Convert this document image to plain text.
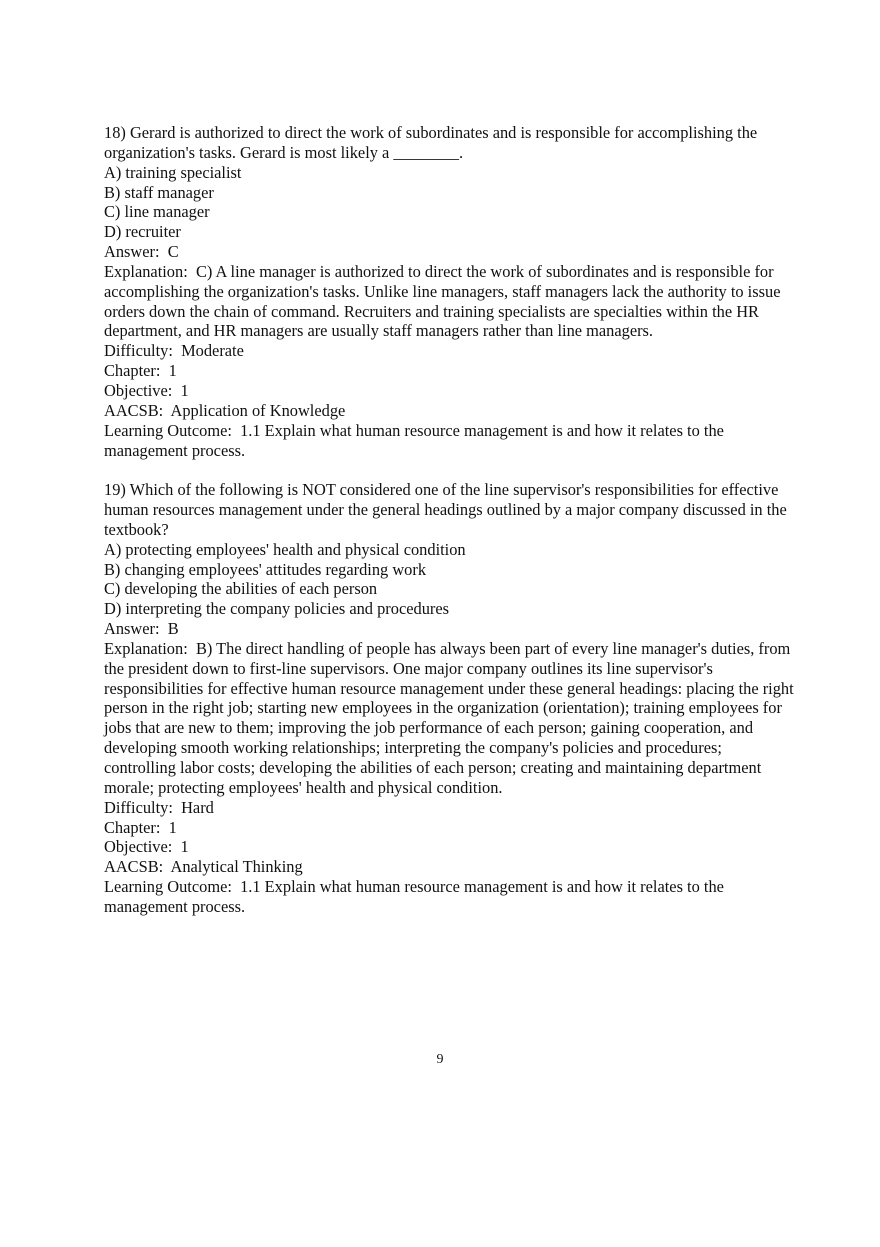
18) Gerard is authorized to direct the work of subordinates and is responsible for accomplishing the organization's tasks. Gerard is most likely a ________.
A) training specialist
B) staff manager
C) line manager
D) recruiter
Answer:  C
Explanation:  C) A line manager is authorized to direct the work of subordinates and is responsible for accomplishing the organization's tasks. Unlike line managers, staff managers lack the authority to issue orders down the chain of command. Recruiters and training specialists are specialties within the HR department, and HR managers are usually staff managers rather than line managers.
Difficulty:  Moderate
Chapter:  1
Objective:  1
AACSB:  Application of Knowledge
Learning Outcome:  1.1 Explain what human resource management is and how it relates to the management process.
19) Which of the following is NOT considered one of the line supervisor's responsibilities for effective human resources management under the general headings outlined by a major company discussed in the textbook?
A) protecting employees' health and physical condition
B) changing employees' attitudes regarding work
C) developing the abilities of each person
D) interpreting the company policies and procedures
Answer:  B
Explanation:  B) The direct handling of people has always been part of every line manager's duties, from the president down to first-line supervisors. One major company outlines its line supervisor's responsibilities for effective human resource management under these general headings: placing the right person in the right job; starting new employees in the organization (orientation); training employees for jobs that are new to them; improving the job performance of each person; gaining cooperation, and developing smooth working relationships; interpreting the company's policies and procedures; controlling labor costs; developing the abilities of each person; creating and maintaining department morale; protecting employees' health and physical condition.
Difficulty:  Hard
Chapter:  1
Objective:  1
AACSB:  Analytical Thinking
Learning Outcome:  1.1 Explain what human resource management is and how it relates to the management process.
9
